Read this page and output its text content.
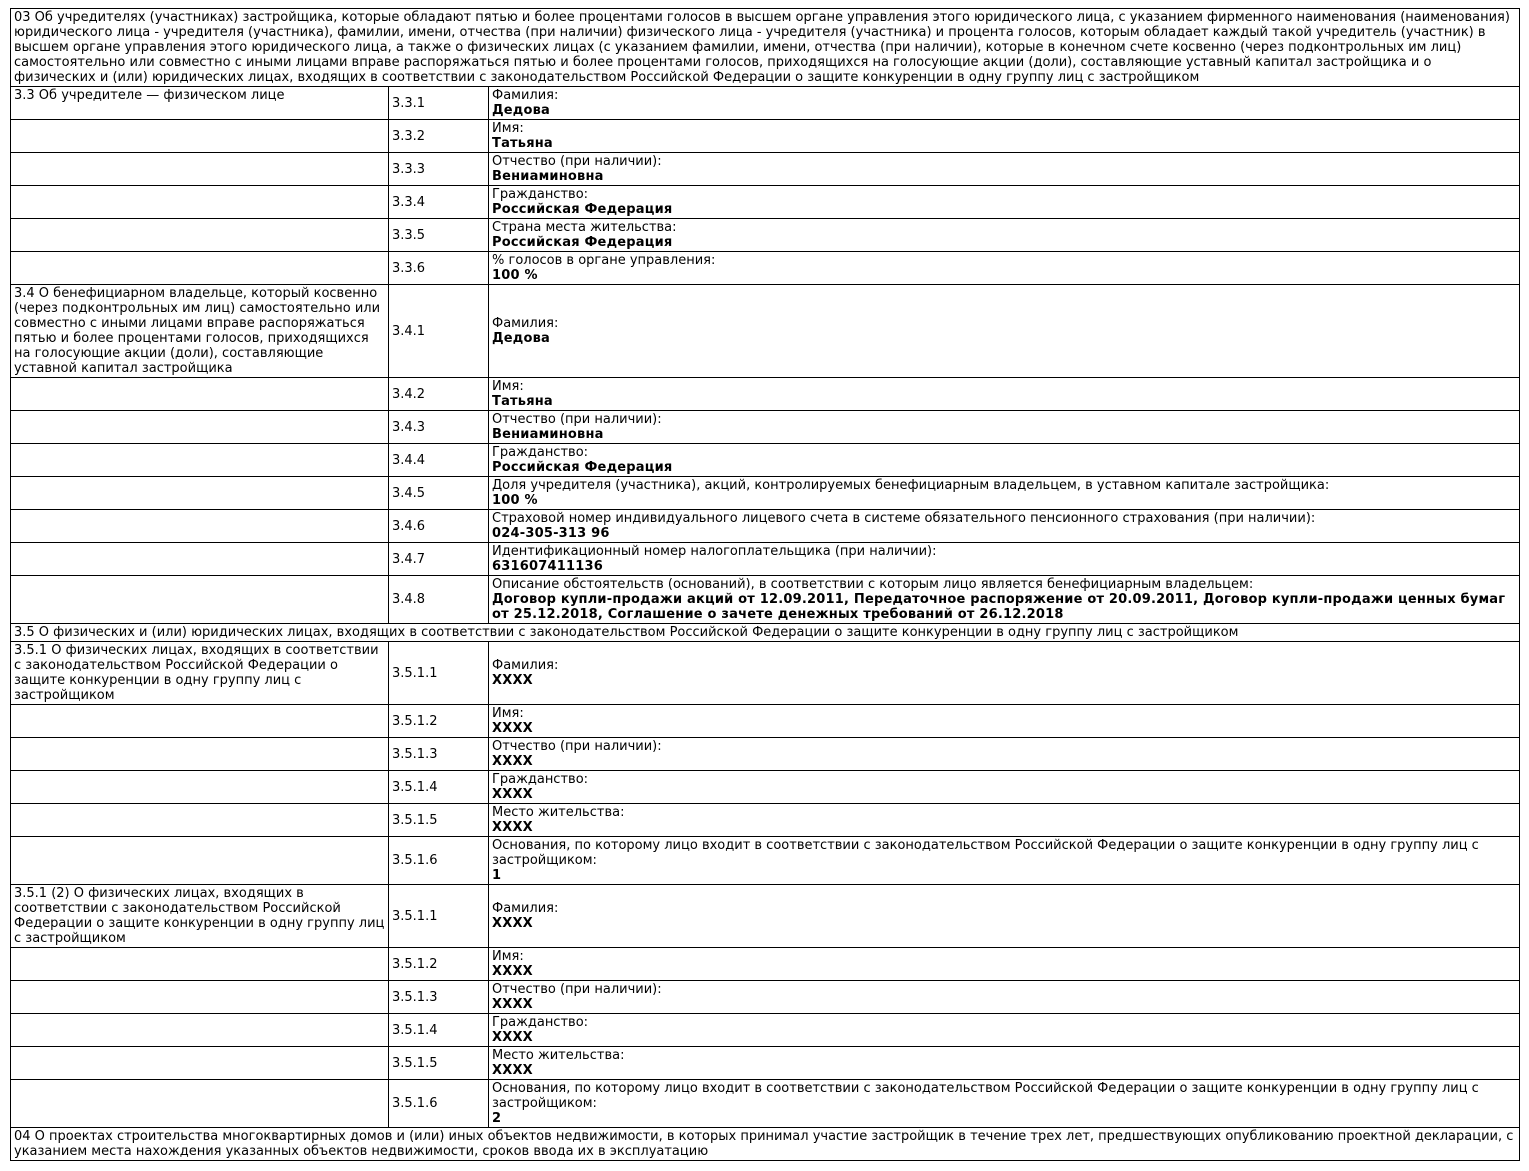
03 Об учредителях (участниках) застройщика, которые обладают пятью и более процентами голосов в высшем органе управления этого юридического лица, с указанием фирменного наименования (наименования) юридического лица - учредителя (участника), фамилии, имени, отчества (при наличии) физического лица - учредителя (участника) и процента голосов, которым обладает каждый такой учредитель (участник) в высшем органе управления этого юридического лица, а также о физических лицах (с указанием фамилии, имени, отчества (при наличии), которые в конечном счете косвенно (через подконтрольных им лиц) самостоятельно или совместно с иными лицами вправе распоряжаться пятью и более процентами голосов, приходящихся на голосующие акции (доли), составляющие уставный капитал застройщика и о физических и (или) юридических лицах, входящих в соответствии с законодательством Российской Федерации о защите конкуренции в одну группу лиц с застройщиком		
3.3 Об учредителе — физическом лице	3.3.1	Фамилия:
Дедова

	3.3.2	Имя:
Татьяна

	3.3.3	Отчество (при наличии):
Вениаминовна

	3.3.4	Гражданство:
Российская Федерация

	3.3.5	Страна места жительства:
Российская Федерация

	3.3.6	% голосов в органе управления:
100 %

3.4 О бенефициарном владельце, который косвенно (через подконтрольных им лиц) самостоятельно или совместно с иными лицами вправе распоряжаться пятью и более процентами голосов, приходящихся на голосующие акции (доли), составляющие уставной капитал застройщика	3.4.1	Фамилия:
Дедова

	3.4.2	Имя:
Татьяна

	3.4.3	Отчество (при наличии):
Вениаминовна

	3.4.4	Гражданство:
Российская Федерация

	3.4.5	Доля учредителя (участника), акций, контролируемых бенефициарным владельцем, в уставном капитале застройщика:
100 %

	3.4.6	Страховой номер индивидуального лицевого счета в системе обязательного пенсионного страхования (при наличии):
024-305-313 96

	3.4.7	Идентификационный номер налогоплательщика (при наличии):
631607411136

	3.4.8	Описание обстоятельств (оснований), в соответствии с которым лицо является бенефициарным владельцем:
Договор купли-продажи акций от 12.09.2011, Передаточное распоряжение от 20.09.2011, Договор купли-продажи ценных бумаг от 25.12.2018, Соглашение о зачете денежных требований от 26.12.2018

3.5 О физических и (или) юридических лицах, входящих в соответствии с законодательством Российской Федерации о защите конкуренции в одну группу лиц с застройщиком		
3.5.1 О физических лицах, входящих в соответствии с законодательством Российской Федерации о защите конкуренции в одну группу лиц с застройщиком	3.5.1.1	Фамилия:
XXXX

	3.5.1.2	Имя:
XXXX

	3.5.1.3	Отчество (при наличии):
XXXX

	3.5.1.4	Гражданство:
XXXX

	3.5.1.5	Место жительства:
XXXX

	3.5.1.6	Основания, по которому лицо входит в соответствии с законодательством Российской Федерации о защите конкуренции в одну группу лиц с застройщиком:
1

3.5.1 (2) О физических лицах, входящих в соответствии с законодательством Российской Федерации о защите конкуренции в одну группу лиц с застройщиком	3.5.1.1	Фамилия:
XXXX

	3.5.1.2	Имя:
XXXX

	3.5.1.3	Отчество (при наличии):
XXXX

	3.5.1.4	Гражданство:
XXXX

	3.5.1.5	Место жительства:
XXXX

	3.5.1.6	Основания, по которому лицо входит в соответствии с законодательством Российской Федерации о защите конкуренции в одну группу лиц с застройщиком:
2

04 О проектах строительства многоквартирных домов и (или) иных объектов недвижимости, в которых принимал участие застройщик в течение трех лет, предшествующих опубликованию проектной декларации, с указанием места нахождения указанных объектов недвижимости, сроков ввода их в эксплуатацию		
